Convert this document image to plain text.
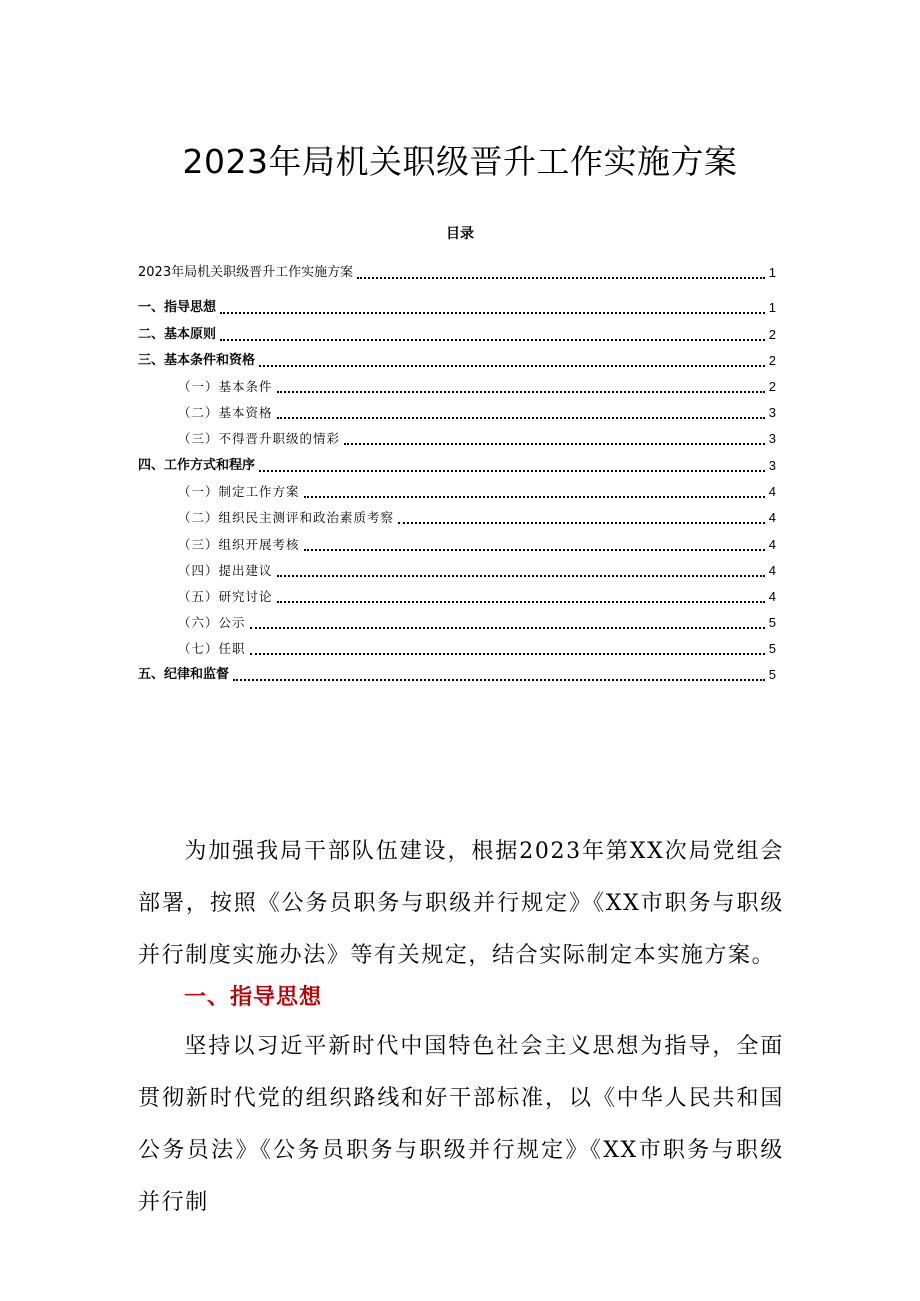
2023年局机关职级晋升工作实施方案
目录
2023年局机关职级晋升工作实施方案	1
一、指导思想	1
二、基本原则	2
三、基本条件和资格	2
（一）基本条件	2
（二）基本资格	3
（三）不得晋升职级的情彩	3
四、工作方式和程序	3
（一）制定工作方案	4
（二）组织民主测评和政治素质考察	4
（三）组织开展考核	4
（四）提出建议	4
（五）研究讨论	4
（六）公示	5
（七）任职	5
五、纪律和监督	5
为加强我局干部队伍建设，根据2023年第XX次局党组会部署，按照《公务员职务与职级并行规定》《XX市职务与职级并行制度实施办法》等有关规定，结合实际制定本实施方案。
一、指导思想
坚持以习近平新时代中国特色社会主义思想为指导，全面贯彻新时代党的组织路线和好干部标准，以《中华人民共和国公务员法》《公务员职务与职级并行规定》《XX市职务与职级并行制
